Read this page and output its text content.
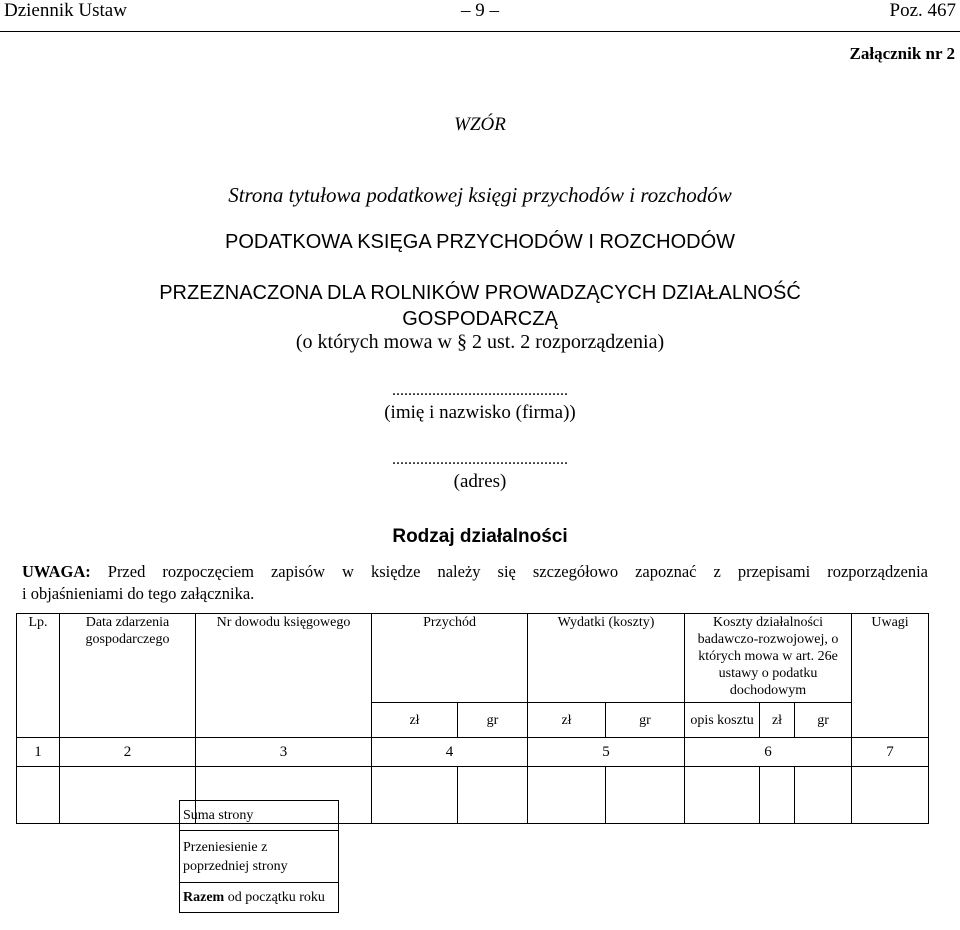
Dziennik Ustaw	– 9 –	Poz. 467
Załącznik nr 2
WZÓR
Strona tytułowa podatkowej księgi przychodów i rozchodów
PODATKOWA KSIĘGA PRZYCHODÓW I ROZCHODÓW
PRZEZNACZONA DLA ROLNIKÓW PROWADZĄCYCH DZIAŁALNOŚĆ
GOSPODARCZĄ
(o których mowa w § 2 ust. 2 rozporządzenia)
............................................
(imię i nazwisko (firma))
............................................
(adres)
Rodzaj działalności
UWAGA: Przed rozpoczęciem zapisów w księdze należy się szczegółowo zapoznać z przepisami rozporządzenia
i objaśnieniami do tego załącznika.
Lp.	Data zdarzenia gospodarczego	Nr dowodu księgowego	Przychód		Wydatki (koszty)		Koszty działalności badawczo-rozwojowej, o których mowa w art. 26e ustawy o podatku dochodowym			Uwagi
			zł	gr	zł	gr	opis kosztu	zł	gr	
1	2	3	4		5		6			7

Suma strony
Przeniesienie z poprzedniej strony
Razem od początku roku
